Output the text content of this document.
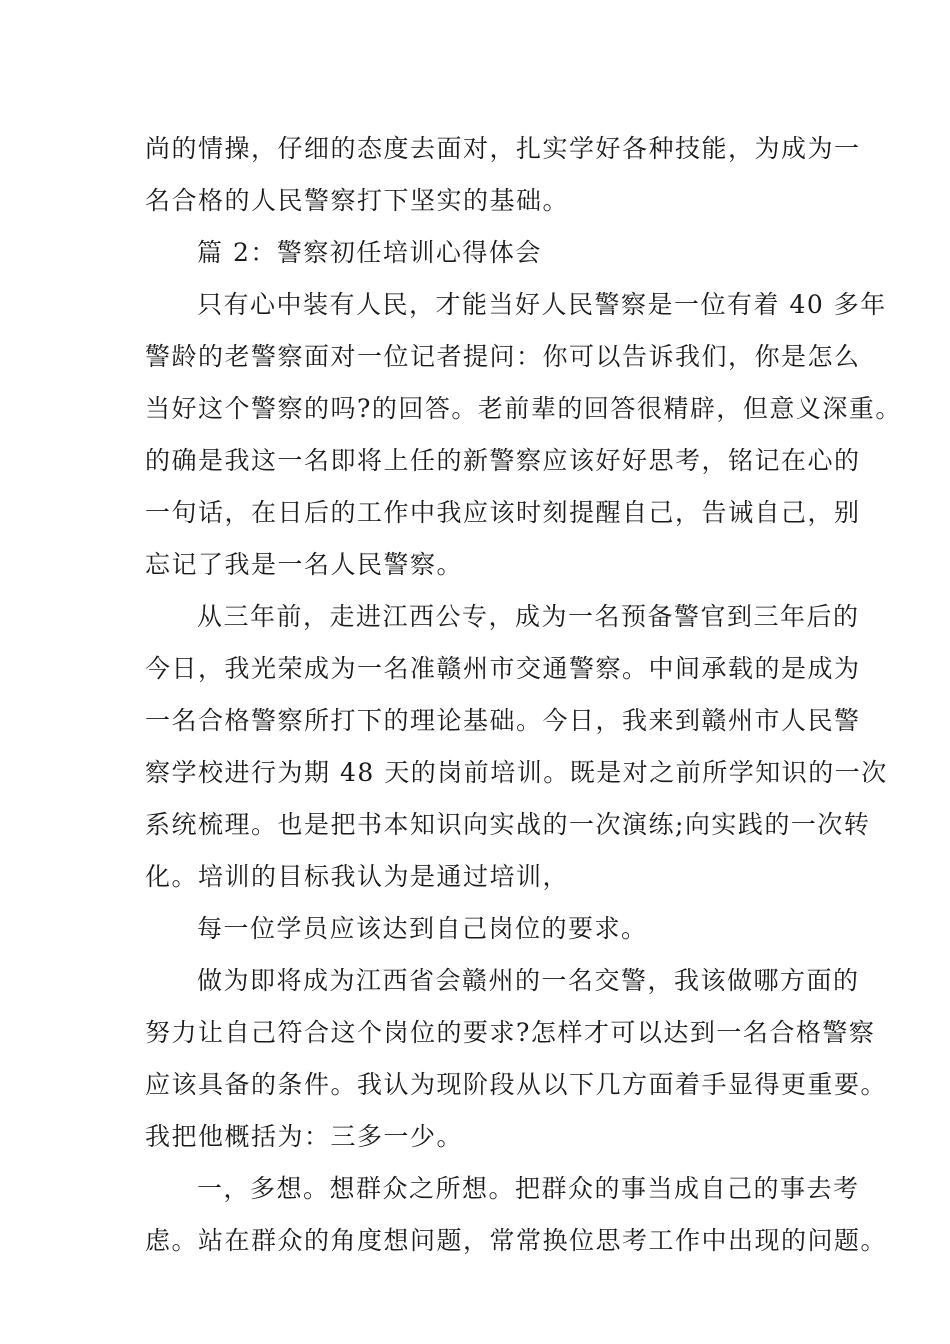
尚的情操，仔细的态度去面对，扎实学好各种技能，为成为一
名合格的人民警察打下坚实的基础。
篇 2：警察初任培训心得体会
只有心中装有人民，才能当好人民警察是一位有着 40 多年
警龄的老警察面对一位记者提问：你可以告诉我们，你是怎么
当好这个警察的吗?的回答。老前辈的回答很精辟，但意义深重。
的确是我这一名即将上任的新警察应该好好思考，铭记在心的
一句话，在日后的工作中我应该时刻提醒自己，告诫自己，别
忘记了我是一名人民警察。
从三年前，走进江西公专，成为一名预备警官到三年后的
今日，我光荣成为一名准赣州市交通警察。中间承载的是成为
一名合格警察所打下的理论基础。今日，我来到赣州市人民警
察学校进行为期 48 天的岗前培训。既是对之前所学知识的一次
系统梳理。也是把书本知识向实战的一次演练;向实践的一次转
化。培训的目标我认为是通过培训，
每一位学员应该达到自己岗位的要求。
做为即将成为江西省会赣州的一名交警，我该做哪方面的
努力让自己符合这个岗位的要求?怎样才可以达到一名合格警察
应该具备的条件。我认为现阶段从以下几方面着手显得更重要。
我把他概括为：三多一少。
一，多想。想群众之所想。把群众的事当成自己的事去考
虑。站在群众的角度想问题，常常换位思考工作中出现的问题。
